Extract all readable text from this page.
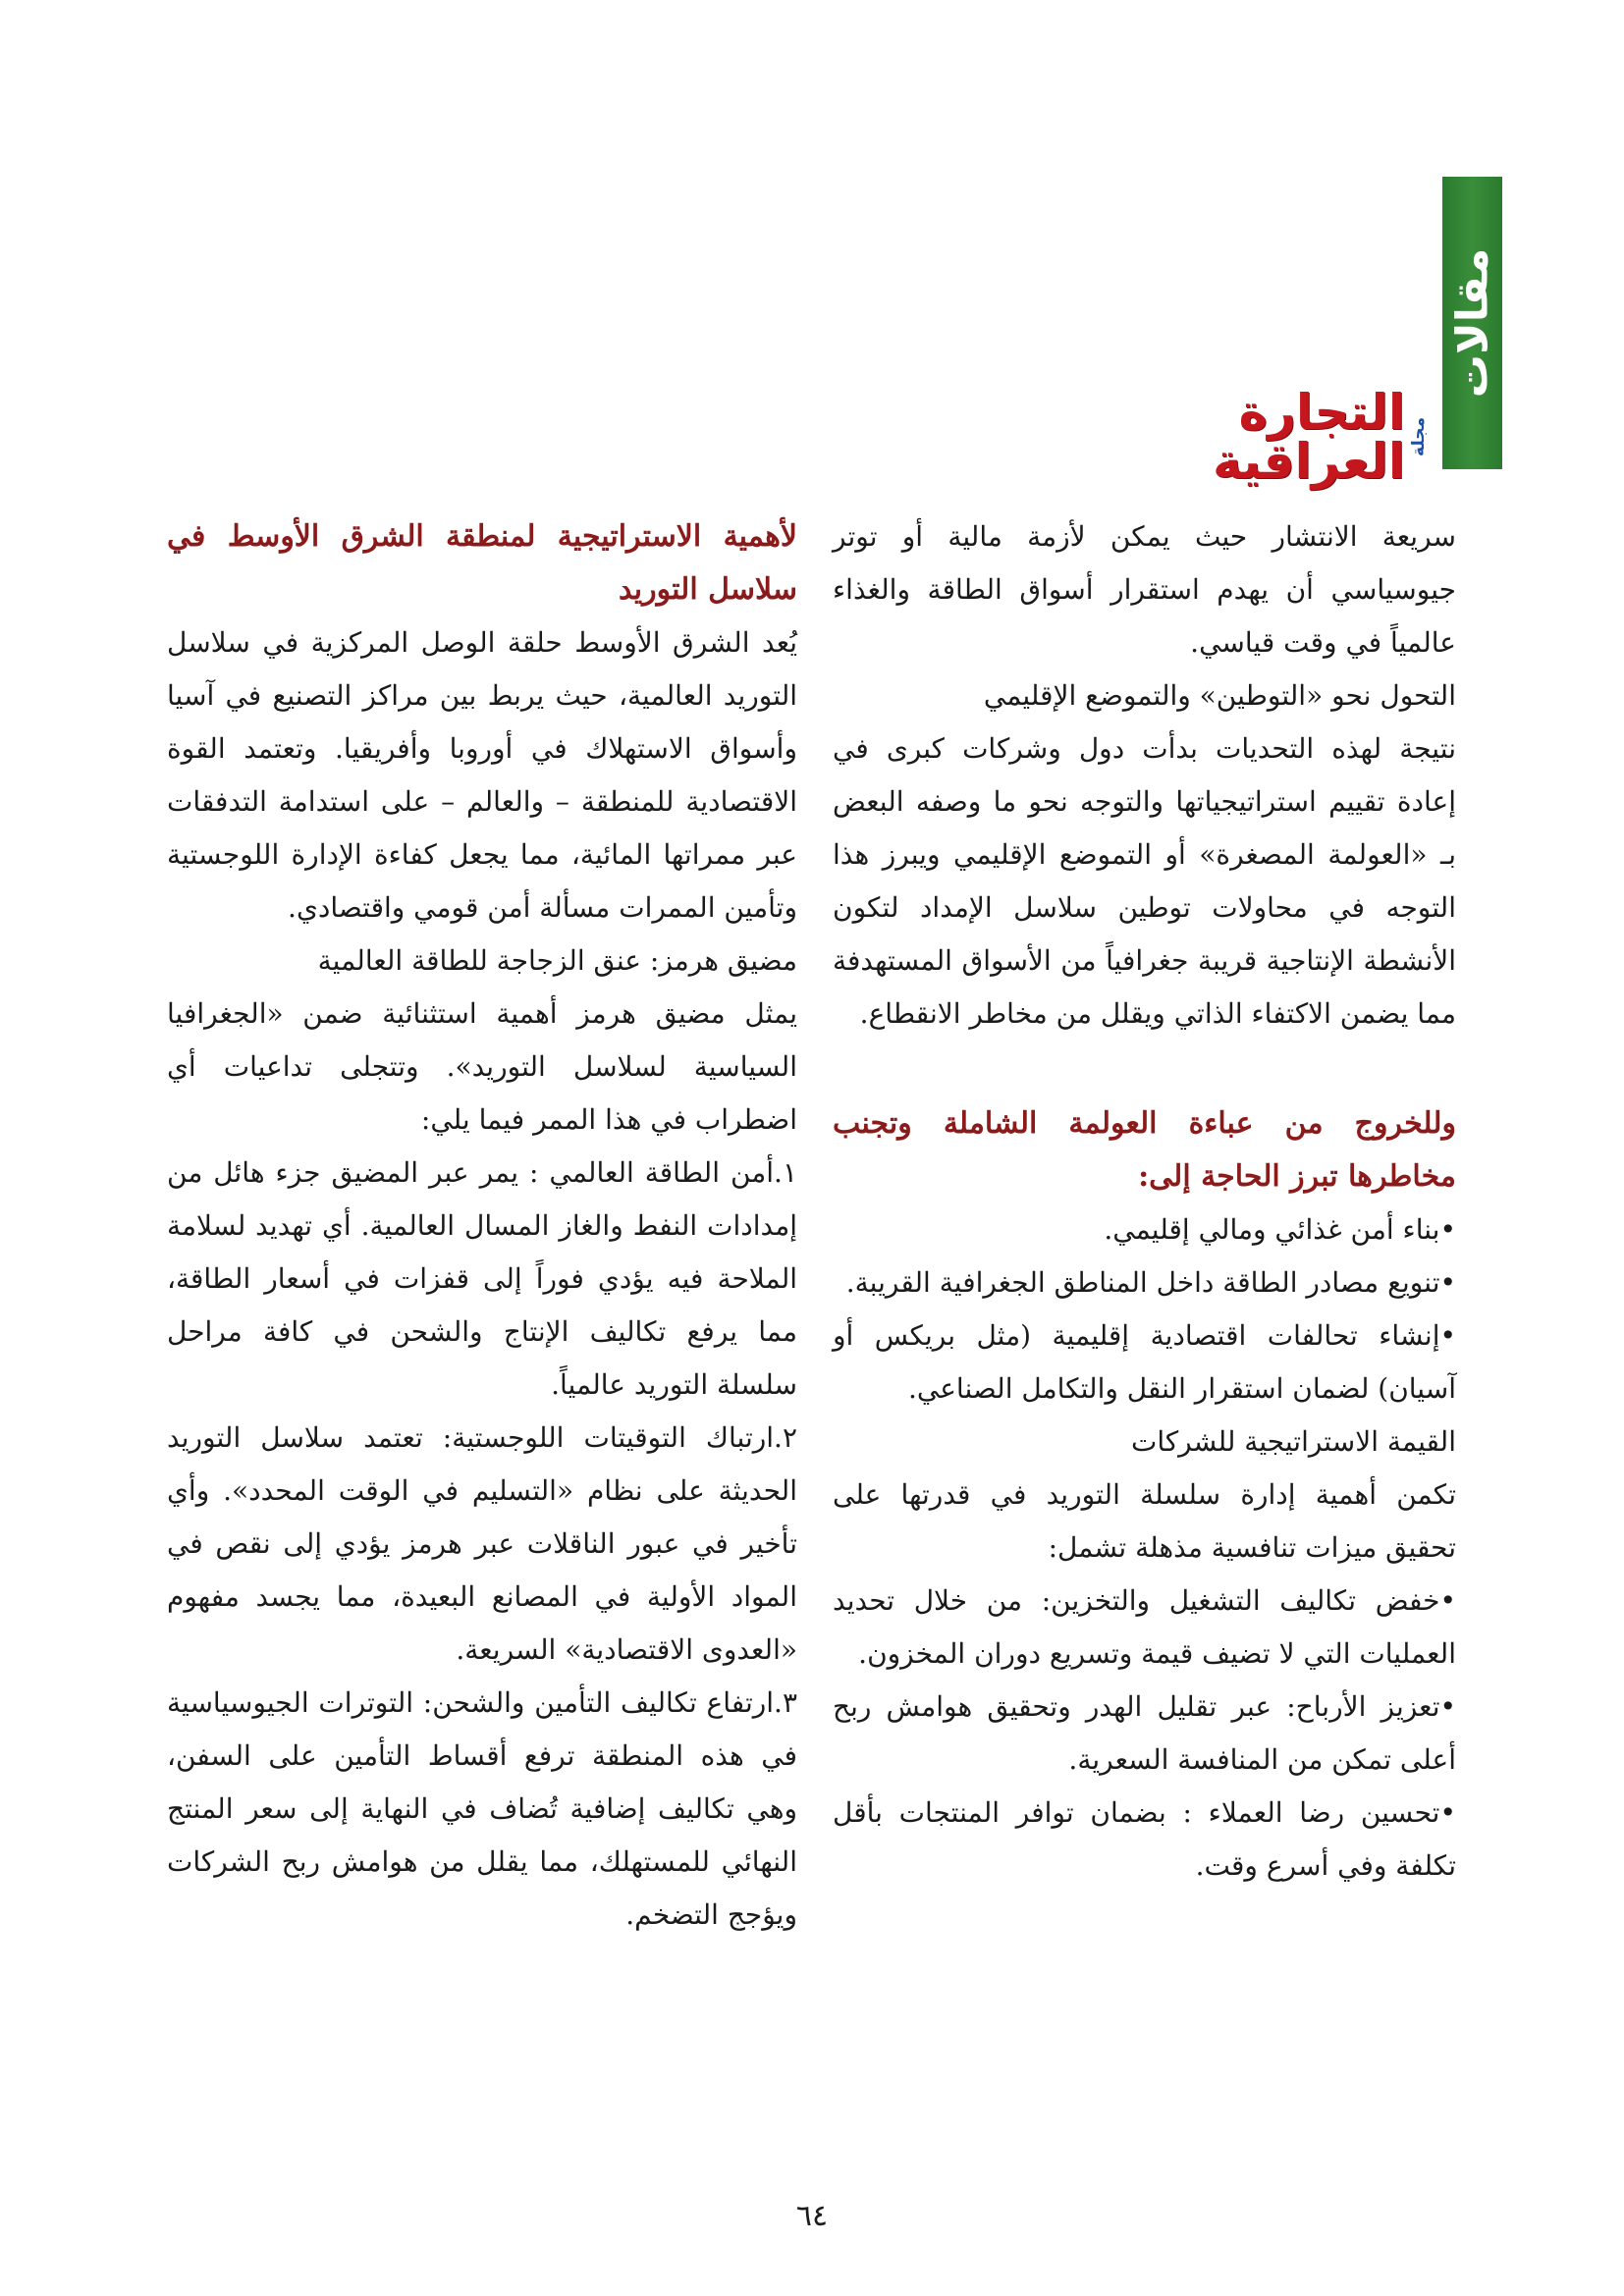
مقالات
مجلة
التجارة العراقية

سريعة الانتشار حيث يمكن لأزمة مالية أو توتر جيوسياسي أن يهدم استقرار أسواق الطاقة والغذاء عالمياً في وقت قياسي.

التحول نحو «التوطين» والتموضع الإقليمي

نتيجة لهذه التحديات بدأت دول وشركات كبرى في إعادة تقييم استراتيجياتها والتوجه نحو ما وصفه البعض بـ «العولمة المصغرة» أو التموضع الإقليمي ويبرز هذا التوجه في محاولات توطين سلاسل الإمداد لتكون الأنشطة الإنتاجية قريبة جغرافياً من الأسواق المستهدفة مما يضمن الاكتفاء الذاتي ويقلل من مخاطر الانقطاع.

وللخروج من عباءة العولمة الشاملة وتجنب مخاطرها تبرز الحاجة إلى:

•بناء أمن غذائي ومالي إقليمي.

•تنويع مصادر الطاقة داخل المناطق الجغرافية القريبة.

•إنشاء تحالفات اقتصادية إقليمية (مثل بريكس أو آسيان) لضمان استقرار النقل والتكامل الصناعي.

القيمة الاستراتيجية للشركات

تكمن أهمية إدارة سلسلة التوريد في قدرتها على تحقيق ميزات تنافسية مذهلة تشمل:

•خفض تكاليف التشغيل والتخزين: من خلال تحديد العمليات التي لا تضيف قيمة وتسريع دوران المخزون.

•تعزيز الأرباح: عبر تقليل الهدر وتحقيق هوامش ربح أعلى تمكن من المنافسة السعرية.

•تحسين رضا العملاء : بضمان توافر المنتجات بأقل تكلفة وفي أسرع وقت.

لأهمية الاستراتيجية لمنطقة الشرق الأوسط في سلاسل التوريد

يُعد الشرق الأوسط حلقة الوصل المركزية في سلاسل التوريد العالمية، حيث يربط بين مراكز التصنيع في آسيا وأسواق الاستهلاك في أوروبا وأفريقيا. وتعتمد القوة الاقتصادية للمنطقة – والعالم – على استدامة التدفقات عبر ممراتها المائية، مما يجعل كفاءة الإدارة اللوجستية وتأمين الممرات مسألة أمن قومي واقتصادي.

مضيق هرمز: عنق الزجاجة للطاقة العالمية

يمثل مضيق هرمز أهمية استثنائية ضمن «الجغرافيا السياسية لسلاسل التوريد». وتتجلى تداعيات أي اضطراب في هذا الممر فيما يلي:

١.أمن الطاقة العالمي : يمر عبر المضيق جزء هائل من إمدادات النفط والغاز المسال العالمية. أي تهديد لسلامة الملاحة فيه يؤدي فوراً إلى قفزات في أسعار الطاقة، مما يرفع تكاليف الإنتاج والشحن في كافة مراحل سلسلة التوريد عالمياً.

٢.ارتباك التوقيتات اللوجستية: تعتمد سلاسل التوريد الحديثة على نظام «التسليم في الوقت المحدد». وأي تأخير في عبور الناقلات عبر هرمز يؤدي إلى نقص في المواد الأولية في المصانع البعيدة، مما يجسد مفهوم «العدوى الاقتصادية» السريعة.

٣.ارتفاع تكاليف التأمين والشحن: التوترات الجيوسياسية في هذه المنطقة ترفع أقساط التأمين على السفن، وهي تكاليف إضافية تُضاف في النهاية إلى سعر المنتج النهائي للمستهلك، مما يقلل من هوامش ربح الشركات ويؤجج التضخم.

٦٤
